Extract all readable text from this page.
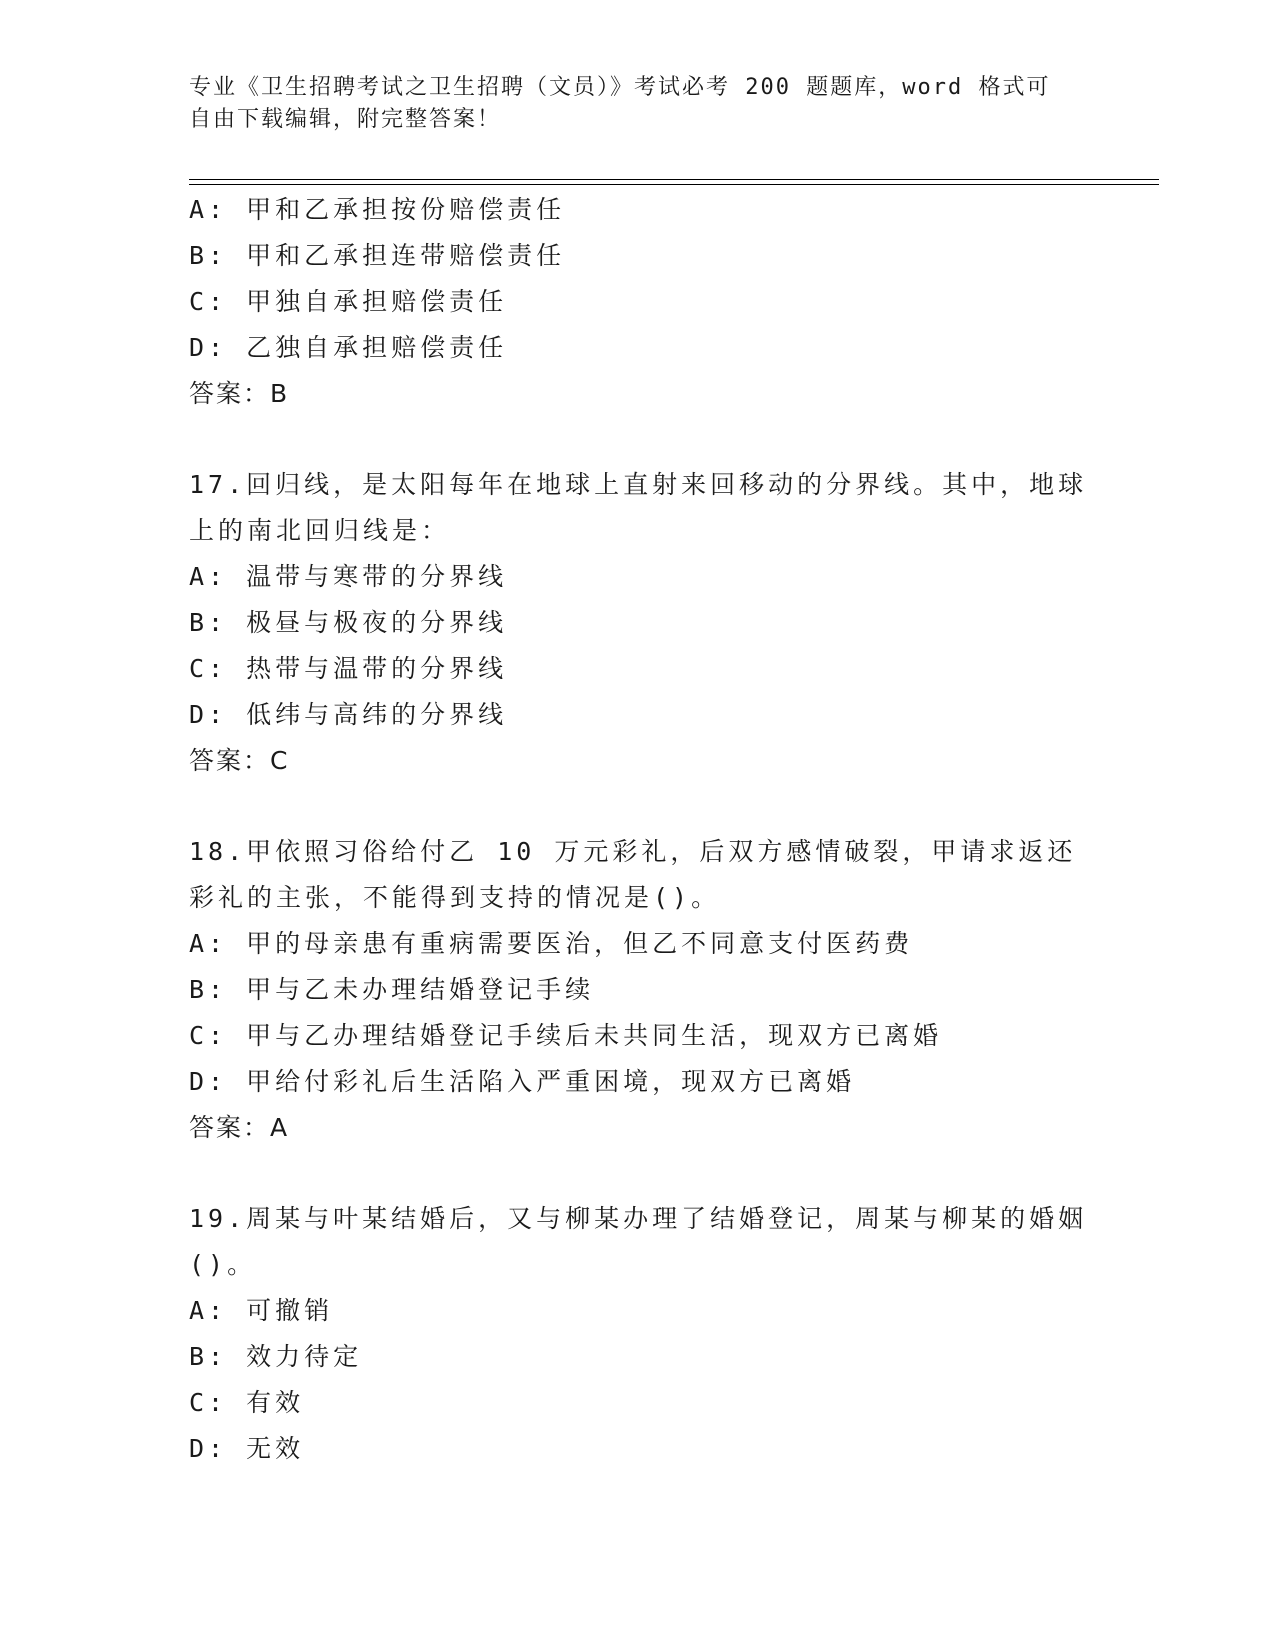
专业《卫生招聘考试之卫生招聘（文员）》考试必考 200 题题库，word 格式可自由下载编辑，附完整答案！
A: 甲和乙承担按份赔偿责任
B: 甲和乙承担连带赔偿责任
C: 甲独自承担赔偿责任
D: 乙独自承担赔偿责任
答案：B
17.回归线，是太阳每年在地球上直射来回移动的分界线。其中，地球上的南北回归线是：
A: 温带与寒带的分界线
B: 极昼与极夜的分界线
C: 热带与温带的分界线
D: 低纬与高纬的分界线
答案：C
18.甲依照习俗给付乙 10 万元彩礼，后双方感情破裂，甲请求返还彩礼的主张，不能得到支持的情况是()。
A: 甲的母亲患有重病需要医治，但乙不同意支付医药费
B: 甲与乙未办理结婚登记手续
C: 甲与乙办理结婚登记手续后未共同生活，现双方已离婚
D: 甲给付彩礼后生活陷入严重困境，现双方已离婚
答案：A
19.周某与叶某结婚后，又与柳某办理了结婚登记，周某与柳某的婚姻()。
A: 可撤销
B: 效力待定
C: 有效
D: 无效
